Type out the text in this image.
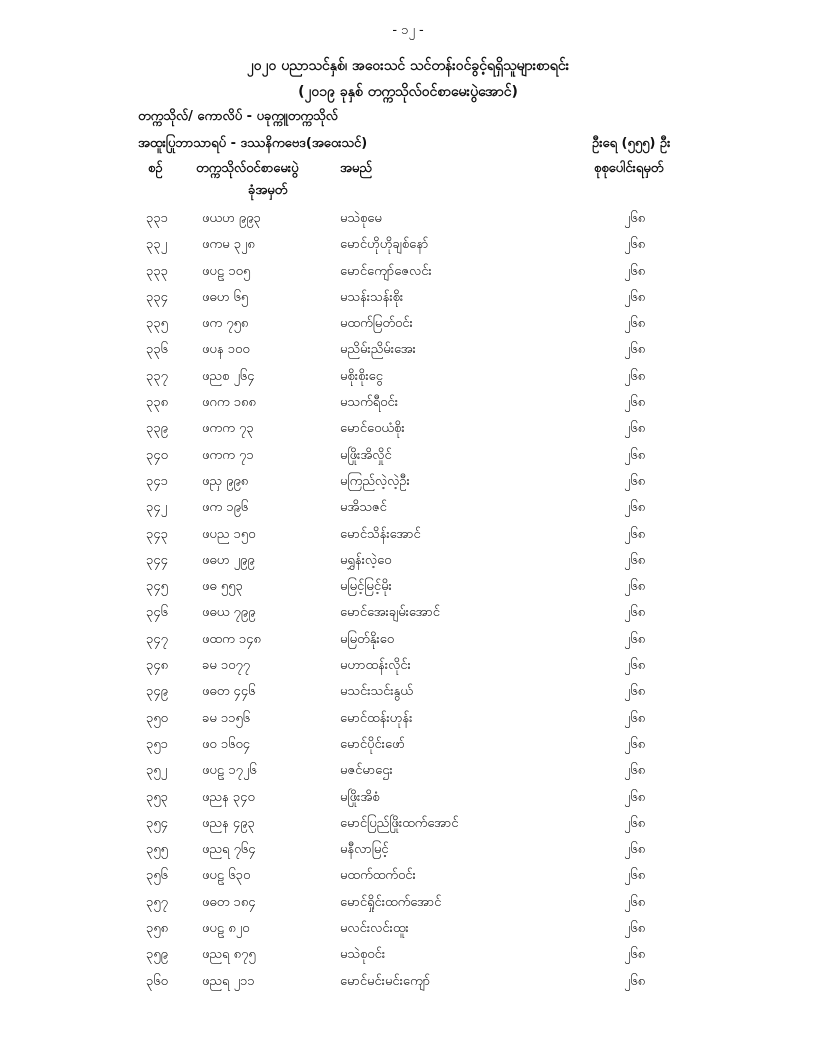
- ၁၂ -
၂၀၂၀ ပညာသင်နှစ်၊ အဝေးသင် သင်တန်းဝင်ခွင့်ရရှိသူများစာရင်း
(၂၀၁၉ ခုနှစ် တက္ကသိုလ်ဝင်စာမေးပွဲအောင်)
တက္ကသိုလ်/ ကောလိပ် - ပခုက္ကူတက္ကသိုလ်
အထူးပြုဘာသာရပ် - ဒဿနိကဗေဒ(အဝေးသင်)	ဦးရေ (၅၅၅) ဦး
စဉ်	တက္ကသိုလ်ဝင်စာမေးပွဲ
ခုံအမှတ်
အမည်	စုစုပေါင်းရမှတ်
၃၃၁	ဖယဟ ၉၉၃	မသဲစုမေ	၂၆၈
၃၃၂	ဖကမ ၃၂၈	မောင်ဟိုဟိုချစ်နော်	၂၆၈
၃၃၃	ဖပဠ ၁၀၅	မောင်ကျော်ဇေလင်း	၂၆၈
၃၃၄	ဖဓဟ ၆၅	မသန်းသန်းစိုး	၂၆၈
၃၃၅	ဖက ၇၅၈	မထက်မြတ်ဝင်း	၂၆၈
၃၃၆	ဖပန ၁၀၀	မညိမ်းညိမ်းအေး	၂၆၈
၃၃၇	ဖညစ ၂၆၄	မစိုးစိုးငွေ	၂၆၈
၃၃၈	ဖဂက ၁၈၈	မသက်ရီဝင်း	၂၆၈
၃၃၉	ဖကက ၇၃	မောင်ဝေယံစိုး	၂၆၈
၃၄၀	ဖကက ၇၁	မဖြိုးအိလှိုင်	၂၆၈
၃၄၁	ဖညှ ၉၉၈	မကြည်လဲ့လဲ့ဦး	၂၆၈
၃၄၂	ဖက ၁၉၆	မအိသဇင်	၂၆၈
၃၄၃	ဖပည ၁၅၀	မောင်သိန်းအောင်	၂၆၈
၃၄၄	ဖဓဟ ၂၉၉	မရွှန်းလဲ့ဝေ	၂၆၈
၃၄၅	ဖဓ ၅၅၃	မမြင့်မြင့်မိုး	၂၆၈
၃၄၆	ဖဓယ ၇၉၉	မောင်အေးချမ်းအောင်	၂၆၈
၃၄၇	ဖထက ၁၄၈	မမြတ်နိုးဝေ	၂၆၈
၃၄၈	ခမ ၁၀၇၇	မဟာထန်းလိုင်း	၂၆၈
၃၄၉	ဖဓတ ၄၄၆	မသင်းသင်းနွယ်	၂၆၈
၃၅၀	ခမ ၁၁၅၆	မောင်ထန်းဟုန်း	၂၆၈
၃၅၁	ဖဝ ၁၆၀၄	မောင်ပိုင်းဖော်	၂၆၈
၃၅၂	ဖပဠ ၁၇၂၆	မဇင်မာဌေး	၂၆၈
၃၅၃	ဖညန ၃၄၀	မဖြိုးအိစံ	၂၆၈
၃၅၄	ဖညန ၄၉၃	မောင်ပြည်ဖြိုးထက်အောင်	၂၆၈
၃၅၅	ဖညရ ၇၆၄	မနီလာမြင့်	၂၆၈
၃၅၆	ဖပဠ ၆၃၀	မထက်ထက်ဝင်း	၂၆၈
၃၅၇	ဖဓတ ၁၈၄	မောင်ရှိုင်းထက်အောင်	၂၆၈
၃၅၈	ဖပဠ ၈၂၀	မလင်းလင်းထူး	၂၆၈
၃၅၉	ဖညရ ၈၇၅	မသဲစုဝင်း	၂၆၈
၃၆၀	ဖညရ ၂၁၁	မောင်မင်းမင်းကျော်	၂၆၈
